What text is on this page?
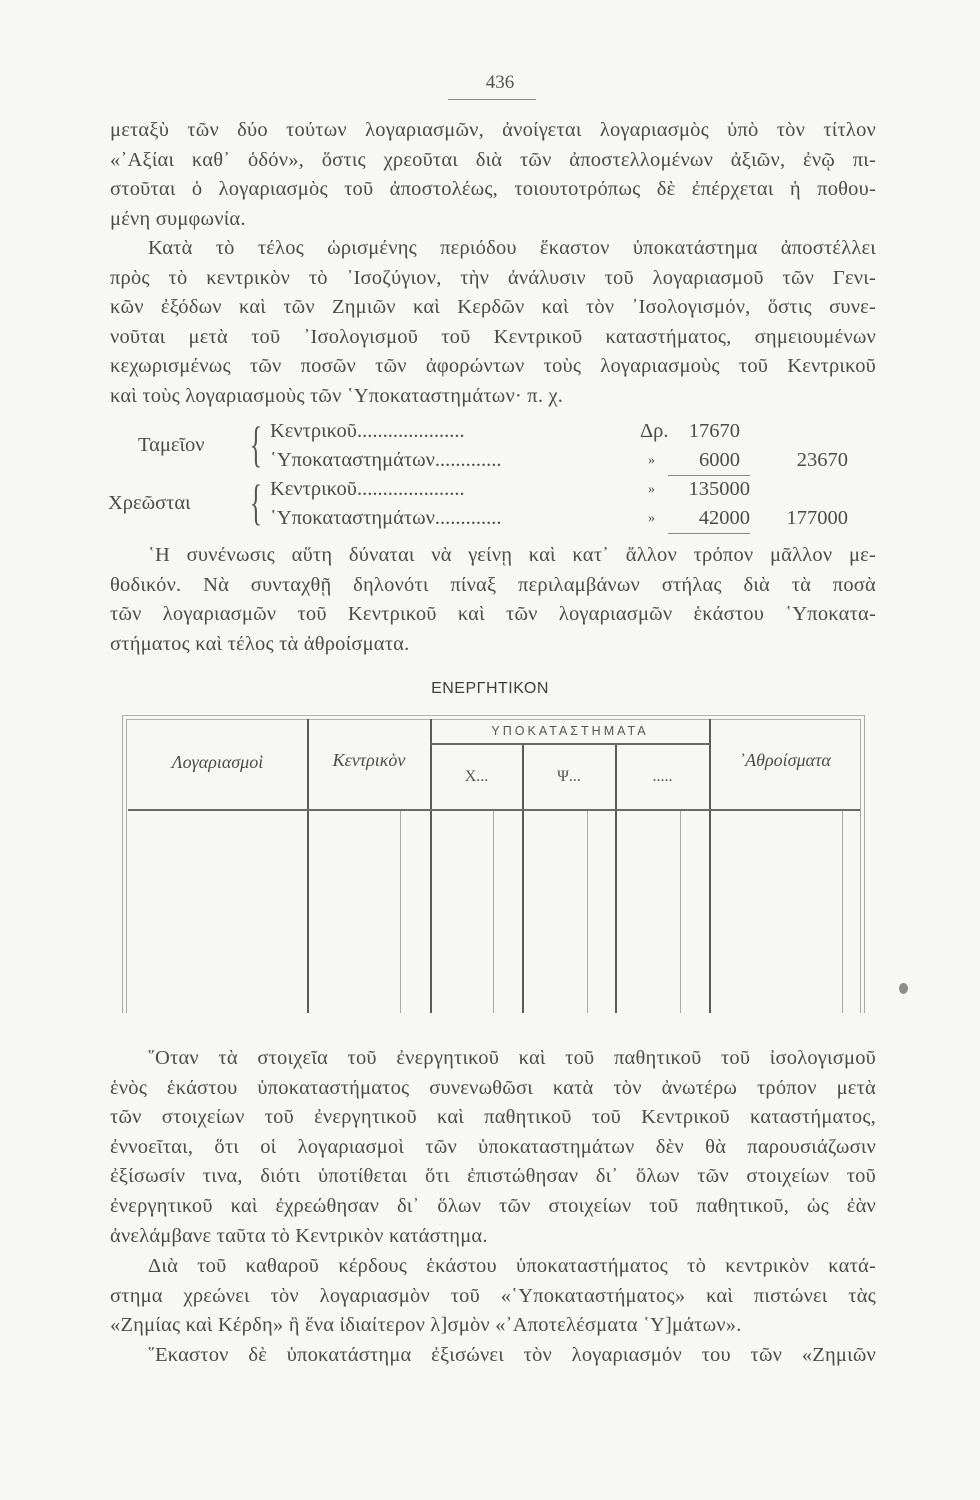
436
μεταξὺ τῶν δύο τούτων λογαριασμῶν, ἀνοίγεται λογαριασμὸς ὑπὸ τὸν τίτλον
«᾿Αξίαι καθ᾿ ὁδόν», ὅστις χρεοῦται διὰ τῶν ἀποστελλομένων ἀξιῶν, ἐνῷ πι-
στοῦται ὁ λογαριασμὸς τοῦ ἀποστολέως, τοιουτοτρόπως δὲ ἐπέρχεται ἡ ποθου-
μένη συμφωνία.
Κατὰ τὸ τέλος ὡρισμένης περιόδου ἕκαστον ὑποκατάστημα ἀποστέλλει
πρὸς τὸ κεντρικὸν τὸ ᾿Ισοζύγιον, τὴν ἀνάλυσιν τοῦ λογαριασμοῦ τῶν Γενι-
κῶν ἐξόδων καὶ τῶν Ζημιῶν καὶ Κερδῶν καὶ τὸν ᾿Ισολογισμόν, ὅστις συνε-
νοῦται μετὰ τοῦ ᾿Ισολογισμοῦ τοῦ Κεντρικοῦ καταστήματος, σημειουμένων
κεχωρισμένως τῶν ποσῶν τῶν ἀφορώντων τοὺς λογαριασμοὺς τοῦ Κεντρικοῦ
καὶ τοὺς λογαριασμοὺς τῶν ῾Υποκαταστημάτων· π. χ.
Ταμεῖον { Κεντρικοῦ.....................	Δρ. 17670
῾Υποκαταστημάτων.............	»	6000	23670
Χρεῶσται { Κεντρικοῦ.....................	»	135000
῾Υποκαταστημάτων.............	»	42000	177000
῾Η συνένωσις αὕτη δύναται νὰ γείνῃ καὶ κατ᾿ ἄλλον τρόπον μᾶλλον με-
θοδικόν. Νὰ συνταχθῇ δηλονότι πίναξ περιλαμβάνων στήλας διὰ τὰ ποσὰ
τῶν λογαριασμῶν τοῦ Κεντρικοῦ καὶ τῶν λογαριασμῶν ἑκάστου ῾Υποκατα-
στήματος καὶ τέλος τὰ ἀθροίσματα.
ΕΝΕΡΓΗΤΙΚΟΝ
Λογαριασμοὶ	Κεντρικὸν
ΥΠΟΚΑΤΑΣΤΗΜΑΤΑ
Χ...	Ψ...	.....
᾿Αθροίσματα
῞Οταν τὰ στοιχεῖα τοῦ ἐνεργητικοῦ καὶ τοῦ παθητικοῦ τοῦ ἰσολογισμοῦ
ἑνὸς ἑκάστου ὑποκαταστήματος συνενωθῶσι κατὰ τὸν ἀνωτέρω τρόπον μετὰ
τῶν στοιχείων τοῦ ἐνεργητικοῦ καὶ παθητικοῦ τοῦ Κεντρικοῦ καταστήματος,
ἐννοεῖται, ὅτι οἱ λογαριασμοὶ τῶν ὑποκαταστημάτων δὲν θὰ παρουσιάζωσιν
ἐξίσωσίν τινα, διότι ὑποτίθεται ὅτι ἐπιστώθησαν δι᾿ ὅλων τῶν στοιχείων τοῦ
ἐνεργητικοῦ καὶ ἐχρεώθησαν δι᾿ ὅλων τῶν στοιχείων τοῦ παθητικοῦ, ὡς ἐὰν
ἀνελάμβανε ταῦτα τὸ Κεντρικὸν κατάστημα.
Διὰ τοῦ καθαροῦ κέρδους ἑκάστου ὑποκαταστήματος τὸ κεντρικὸν κατά-
στημα χρεώνει τὸν λογαριασμὸν τοῦ «῾Υποκαταστήματος» καὶ πιστώνει τὰς
«Ζημίας καὶ Κέρδη» ἢ ἕνα ἰδιαίτερον λ]σμὸν «᾿Αποτελέσματα ῾Υ]μάτων».
῞Εκαστον δὲ ὑποκατάστημα ἐξισώνει τὸν λογαριασμόν του τῶν «Ζημιῶν
